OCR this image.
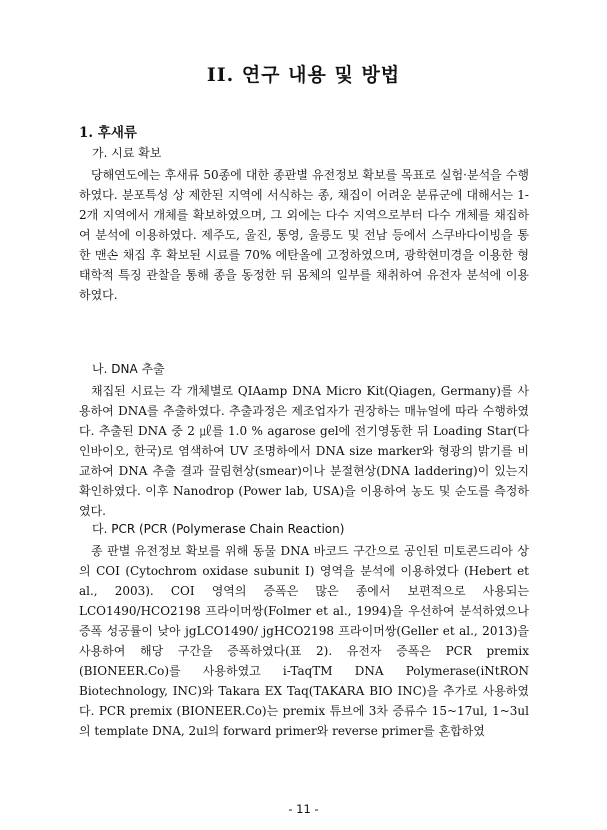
II. 연구 내용 및 방법
1. 후새류
가. 시료 확보
당해연도에는 후새류 50종에 대한 종판별 유전정보 확보를 목표로 실험·분석을 수행하였다. 분포특성 상 제한된 지역에 서식하는 종, 채집이 어려운 분류군에 대해서는 1-2개 지역에서 개체를 확보하였으며, 그 외에는 다수 지역으로부터 다수 개체를 채집하여 분석에 이용하였다. 제주도, 울진, 통영, 울릉도 및 전남 등에서 스쿠바다이빙을 통한 맨손 채집 후 확보된 시료를 70% 에탄올에 고정하였으며, 광학현미경을 이용한 형태학적 특징 관찰을 통해 종을 동정한 뒤 몸체의 일부를 채취하여 유전자 분석에 이용하였다.
나. DNA 추출
채집된 시료는 각 개체별로 QIAamp DNA Micro Kit(Qiagen, Germany)를 사용하여 DNA를 추출하였다. 추출과정은 제조업자가 권장하는 매뉴얼에 따라 수행하였다. 추출된 DNA 중 2 ㎕를 1.0 % agarose gel에 전기영동한 뒤 Loading Star(다인바이오, 한국)로 염색하여 UV 조명하에서 DNA size marker와 형광의 밝기를 비교하여 DNA 추출 결과 끌림현상(smear)이나 분절현상(DNA laddering)이 있는지 확인하였다. 이후 Nanodrop (Power lab, USA)을 이용하여 농도 및 순도를 측정하였다.
다. PCR (PCR (Polymerase Chain Reaction)
종 판별 유전정보 확보를 위해 동물 DNA 바코드 구간으로 공인된 미토콘드리아 상의 COI (Cytochrom oxidase subunit I) 영역을 분석에 이용하였다 (Hebert et al., 2003). COI 영역의 증폭은 많은 종에서 보편적으로 사용되는 LCO1490/HCO2198 프라이머쌍(Folmer et al., 1994)을 우선하여 분석하였으나 증폭 성공률이 낮아 jgLCO1490/ jgHCO2198 프라이머쌍(Geller et al., 2013)을 사용하여 해당 구간을 증폭하였다(표 2). 유전자 증폭은 PCR premix (BIONEER.Co)를 사용하였고 i-TaqTM DNA Polymerase(iNtRON Biotechnology, INC)와 Takara EX Taq(TAKARA BIO INC)을 추가로 사용하였다. PCR premix (BIONEER.Co)는 premix 튜브에 3차 증류수 15~17ul, 1~3ul의 template DNA, 2ul의 forward primer와 reverse primer를 혼합하였
- 11 -
